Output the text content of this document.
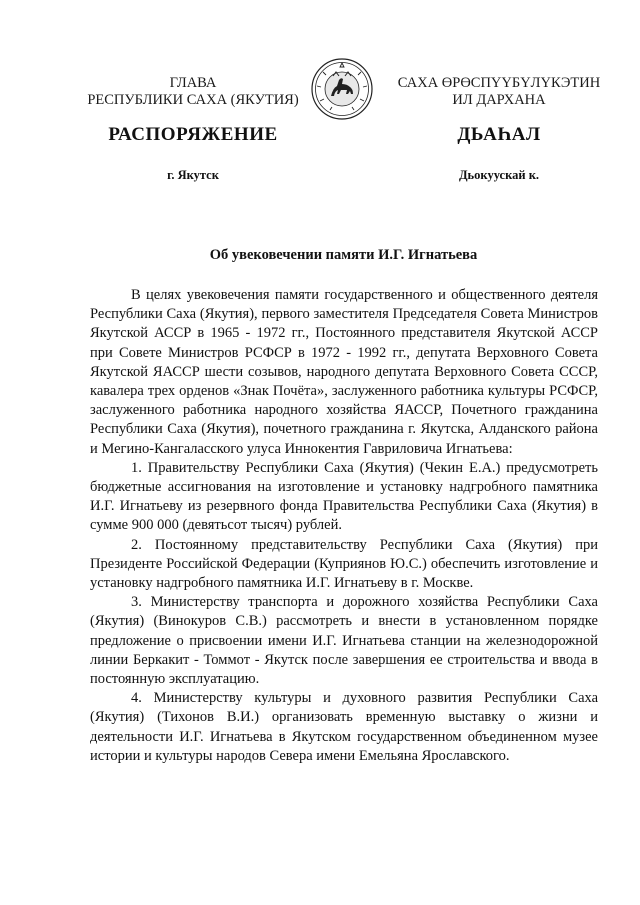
ГЛАВА
РЕСПУБЛИКИ САХА (ЯКУТИЯ)
САХА ӨРӨСПҮҮБҮЛҮКЭТИН
ИЛ ДАРХАНА
РАСПОРЯЖЕНИЕ	ДЬАҺАЛ
г. Якутск	Дьокуускай к.
Об увековечении памяти И.Г. Игнатьева

В целях увековечения памяти государственного и общественного деятеля Республики Саха (Якутия), первого заместителя Председателя Совета Министров Якутской АССР в 1965 - 1972 гг., Постоянного представителя Якутской АССР при Совете Министров РСФСР в 1972 - 1992 гг., депутата Верховного Совета Якутской ЯАССР шести созывов, народного депутата Верховного Совета СССР, кавалера трех орденов «Знак Почёта», заслуженного работника культуры РСФСР, заслуженного работника народного хозяйства ЯАССР, Почетного гражданина Республики Саха (Якутия), почетного гражданина г. Якутска, Алданского района и Мегино-Кангаласского улуса Иннокентия Гавриловича Игнатьева:

1. Правительству Республики Саха (Якутия) (Чекин Е.А.) предусмотреть бюджетные ассигнования на изготовление и установку надгробного памятника И.Г. Игнатьеву из резервного фонда Правительства Республики Саха (Якутия) в сумме 900 000 (девятьсот тысяч) рублей.

2. Постоянному представительству Республики Саха (Якутия) при Президенте Российской Федерации (Куприянов Ю.С.) обеспечить изготовление и установку надгробного памятника И.Г. Игнатьеву в г. Москве.

3. Министерству транспорта и дорожного хозяйства Республики Саха (Якутия) (Винокуров С.В.) рассмотреть и внести в установленном порядке предложение о присвоении имени И.Г. Игнатьева станции на железнодорожной линии Беркакит - Томмот - Якутск после завершения ее строительства и ввода в постоянную эксплуатацию.

4. Министерству культуры и духовного развития Республики Саха (Якутия) (Тихонов В.И.) организовать временную выставку о жизни и деятельности И.Г. Игнатьева в Якутском государственном объединенном музее истории и культуры народов Севера имени Емельяна Ярославского.
